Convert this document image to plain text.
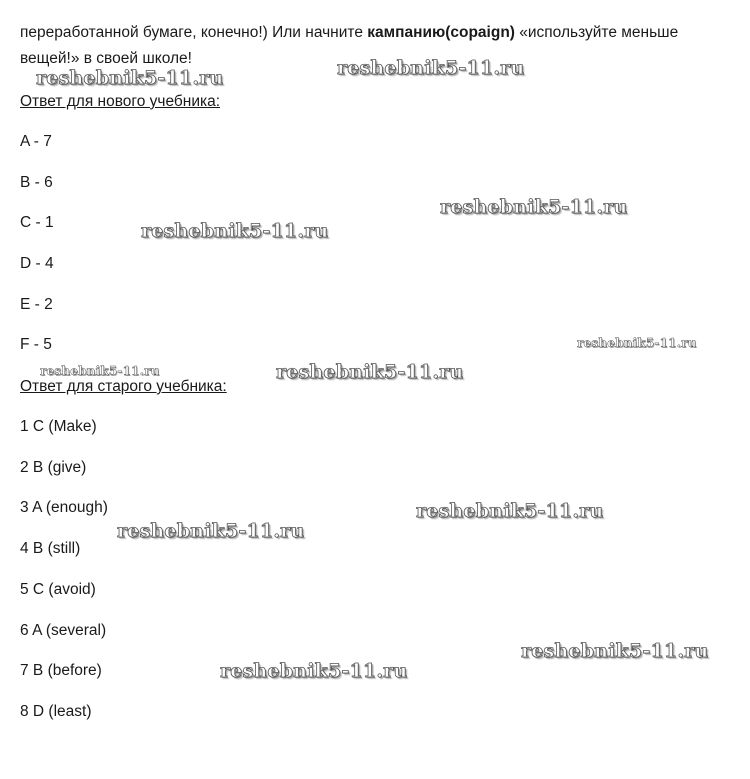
переработанной бумаге, конечно!) Или начните кампанию(copaign) «используйте меньше вещей!» в своей школе!

Ответ для нового учебника:

A - 7

B - 6

C - 1

D - 4

E - 2

F - 5

Ответ для старого учебника:

1 C (Make)

2 B (give)

3 A (enough)

4 B (still)

5 C (avoid)

6 A (several)

7 B (before)

8 D (least)

reshebnik5-11.ru	reshebnik5-11.ru
reshebnik5-11.ru
reshebnik5-11.ru
reshebnik5-11.ru
reshebnik5-11.ru	reshebnik5-11.ru
reshebnik5-11.ru
reshebnik5-11.ru
reshebnik5-11.ru
reshebnik5-11.ru
